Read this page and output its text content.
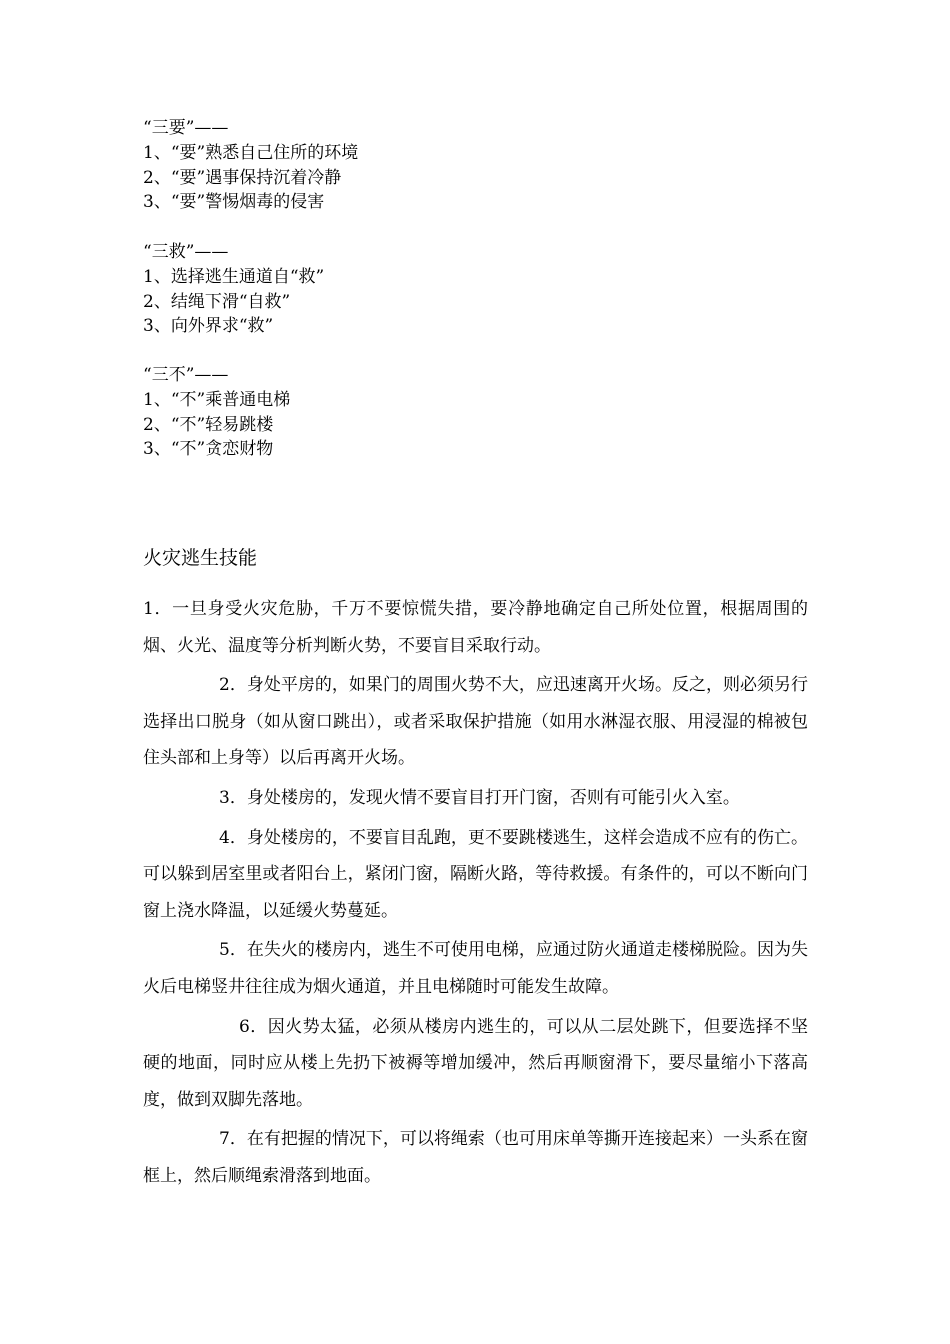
“三要”——
1、“要”熟悉自己住所的环境
2、“要”遇事保持沉着冷静
3、“要”警惕烟毒的侵害
“三救”——
1、选择逃生通道自“救”
2、结绳下滑“自救”
3、向外界求“救”
“三不”——
1、“不”乘普通电梯
2、“不”轻易跳楼
3、“不”贪恋财物
火灾逃生技能

1．一旦身受火灾危胁，千万不要惊慌失措，要冷静地确定自己所处位置，根据周围的烟、火光、温度等分析判断火势，不要盲目采取行动。

2．身处平房的，如果门的周围火势不大，应迅速离开火场。反之，则必须另行选择出口脱身（如从窗口跳出），或者采取保护措施（如用水淋湿衣服、用浸湿的棉被包住头部和上身等）以后再离开火场。

3．身处楼房的，发现火情不要盲目打开门窗，否则有可能引火入室。

4．身处楼房的，不要盲目乱跑，更不要跳楼逃生，这样会造成不应有的伤亡。可以躲到居室里或者阳台上，紧闭门窗，隔断火路，等待救援。有条件的，可以不断向门窗上浇水降温，以延缓火势蔓延。

5．在失火的楼房内，逃生不可使用电梯，应通过防火通道走楼梯脱险。因为失火后电梯竖井往往成为烟火通道，并且电梯随时可能发生故障。

6．因火势太猛，必须从楼房内逃生的，可以从二层处跳下，但要选择不坚硬的地面，同时应从楼上先扔下被褥等增加缓冲，然后再顺窗滑下，要尽量缩小下落高度，做到双脚先落地。

7．在有把握的情况下，可以将绳索（也可用床单等撕开连接起来）一头系在窗框上，然后顺绳索滑落到地面。
